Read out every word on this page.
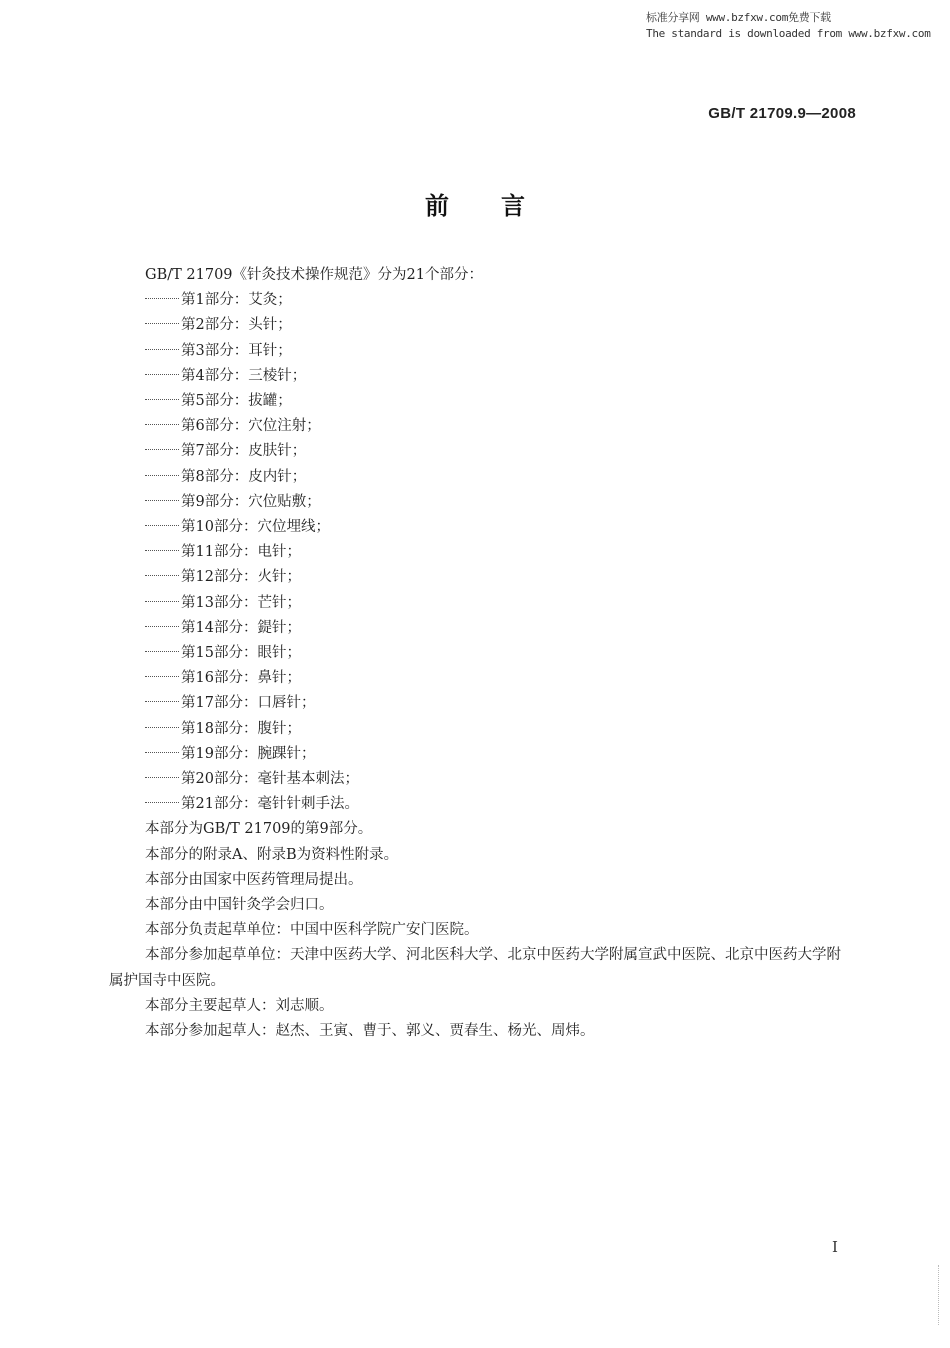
标准分享网 www.bzfxw.com免费下载
The standard is downloaded from www.bzfxw.com
GB/T 21709.9—2008
前言

GB/T 21709《针灸技术操作规范》分为21个部分：

第1部分：艾灸；
第2部分：头针；
第3部分：耳针；
第4部分：三棱针；
第5部分：拔罐；
第6部分：穴位注射；
第7部分：皮肤针；
第8部分：皮内针；
第9部分：穴位贴敷；
第10部分：穴位埋线；
第11部分：电针；
第12部分：火针；
第13部分：芒针；
第14部分：鍉针；
第15部分：眼针；
第16部分：鼻针；
第17部分：口唇针；
第18部分：腹针；
第19部分：腕踝针；
第20部分：毫针基本刺法；
第21部分：毫针针刺手法。

本部分为GB/T 21709的第9部分。

本部分的附录A、附录B为资料性附录。

本部分由国家中医药管理局提出。

本部分由中国针灸学会归口。

本部分负责起草单位：中国中医科学院广安门医院。

本部分参加起草单位：天津中医药大学、河北医科大学、北京中医药大学附属宣武中医院、北京中医药大学附属护国寺中医院。

本部分主要起草人：刘志顺。

本部分参加起草人：赵杰、王寅、曹于、郭义、贾春生、杨光、周炜。

I
